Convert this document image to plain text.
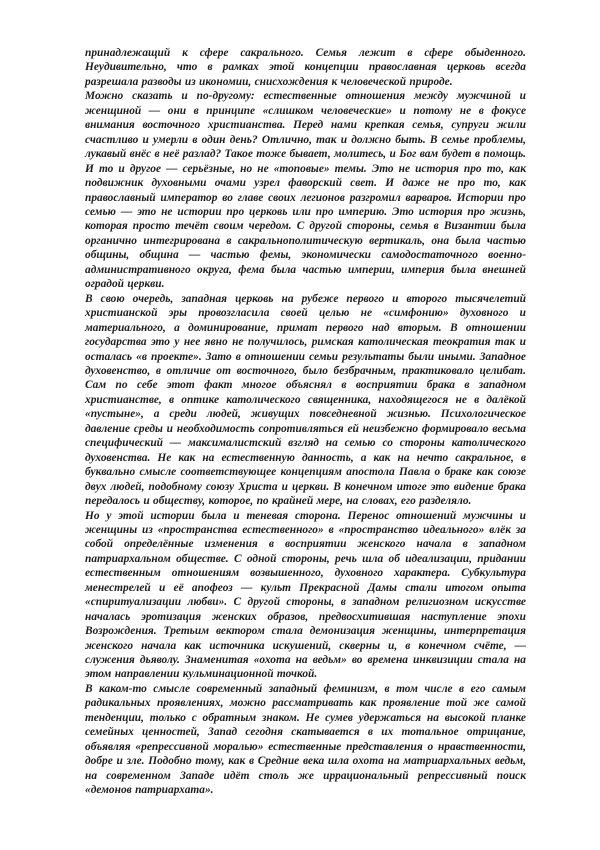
принадлежащий к сфере сакрального. Семья лежит в сфере обыденного. Неудивительно, что в рамках этой концепции православная церковь всегда разрешала разводы из икономии, снисхождения к человеческой природе.

Можно сказать и по-другому: естественные отношения между мужчиной и женщиной — они в принципе «слишком человеческие» и потому не в фокусе внимания восточного христианства. Перед нами крепкая семья, супруги жили счастливо и умерли в один день? Отлично, так и должно быть. В семье проблемы, лукавый внёс в неё разлад? Такое тоже бывает, молитесь, и Бог вам будет в помощь. И то и другое — серьёзные, но не «топовые» темы. Это не история про то, как подвижник духовными очами узрел фаворский свет. И даже не про то, как православный император во главе своих легионов разгромил варваров. Истории про семью — это не истории про церковь или про империю. Это история про жизнь, которая просто течёт своим чередом. С другой стороны, семья в Византии была органично интегрирована в сакральнополитическую вертикаль, она была частью общины, община — частью фемы, экономически самодостаточного военно-административного округа, фема была частью империи, империя была внешней оградой церкви.

В свою очередь, западная церковь на рубеже первого и второго тысячелетий христианской эры провозгласила своей целью не «симфонию» духовного и материального, а доминирование, примат первого над вторым. В отношении государства это у нее явно не получилось, римская католическая теократия так и осталась «в проекте». Зато в отношении семьи результаты были иными. Западное духовенство, в отличие от восточного, было безбрачным, практиковало целибат. Сам по себе этот факт многое объяснял в восприятии брака в западном христианстве, в оптике католического священника, находящегося не в далёкой «пустыне», а среди людей, живущих повседневной жизнью. Психологическое давление среды и необходимость сопротивляться ей неизбежно формировало весьма специфический — максималистский взгляд на семью со стороны католического духовенства. Не как на естественную данность, а как на нечто сакральное, в буквально смысле соответствующее концепциям апостола Павла о браке как союзе двух людей, подобному союзу Христа и церкви. В конечном итоге это видение брака передалось и обществу, которое, по крайней мере, на словах, его разделяло.

Но у этой истории была и теневая сторона. Перенос отношений мужчины и женщины из «пространства естественного» в «пространство идеального» влёк за собой определённые изменения в восприятии женского начала в западном патриархальном обществе. С одной стороны, речь шла об идеализации, придании естественным отношениям возвышенного, духовного характера. Субкультура менестрелей и её апофеоз — культ Прекрасной Дамы стали итогом опыта «спиритуализации любви». С другой стороны, в западном религиозном искусстве началась эротизация женских образов, предвосхитившая наступление эпохи Возрождения. Третьим вектором стала демонизация женщины, интерпретация женского начала как источника искушений, скверны и, в конечном счёте, — служения дьяволу. Знаменитая «охота на ведьм» во времена инквизиции стала на этом направлении кульминационной точкой.

В каком-то смысле современный западный феминизм, в том числе в его самым радикальных проявлениях, можно рассматривать как проявление той же самой тенденции, только с обратным знаком. Не сумев удержаться на высокой планке семейных ценностей, Запад сегодня скатывается в их тотальное отрицание, объявляя «репрессивной моралью» естественные представления о нравственности, добре и зле. Подобно тому, как в Средние века шла охота на матриархальных ведьм, на современном Западе идёт столь же иррациональный репрессивный поиск «демонов патриархата».
